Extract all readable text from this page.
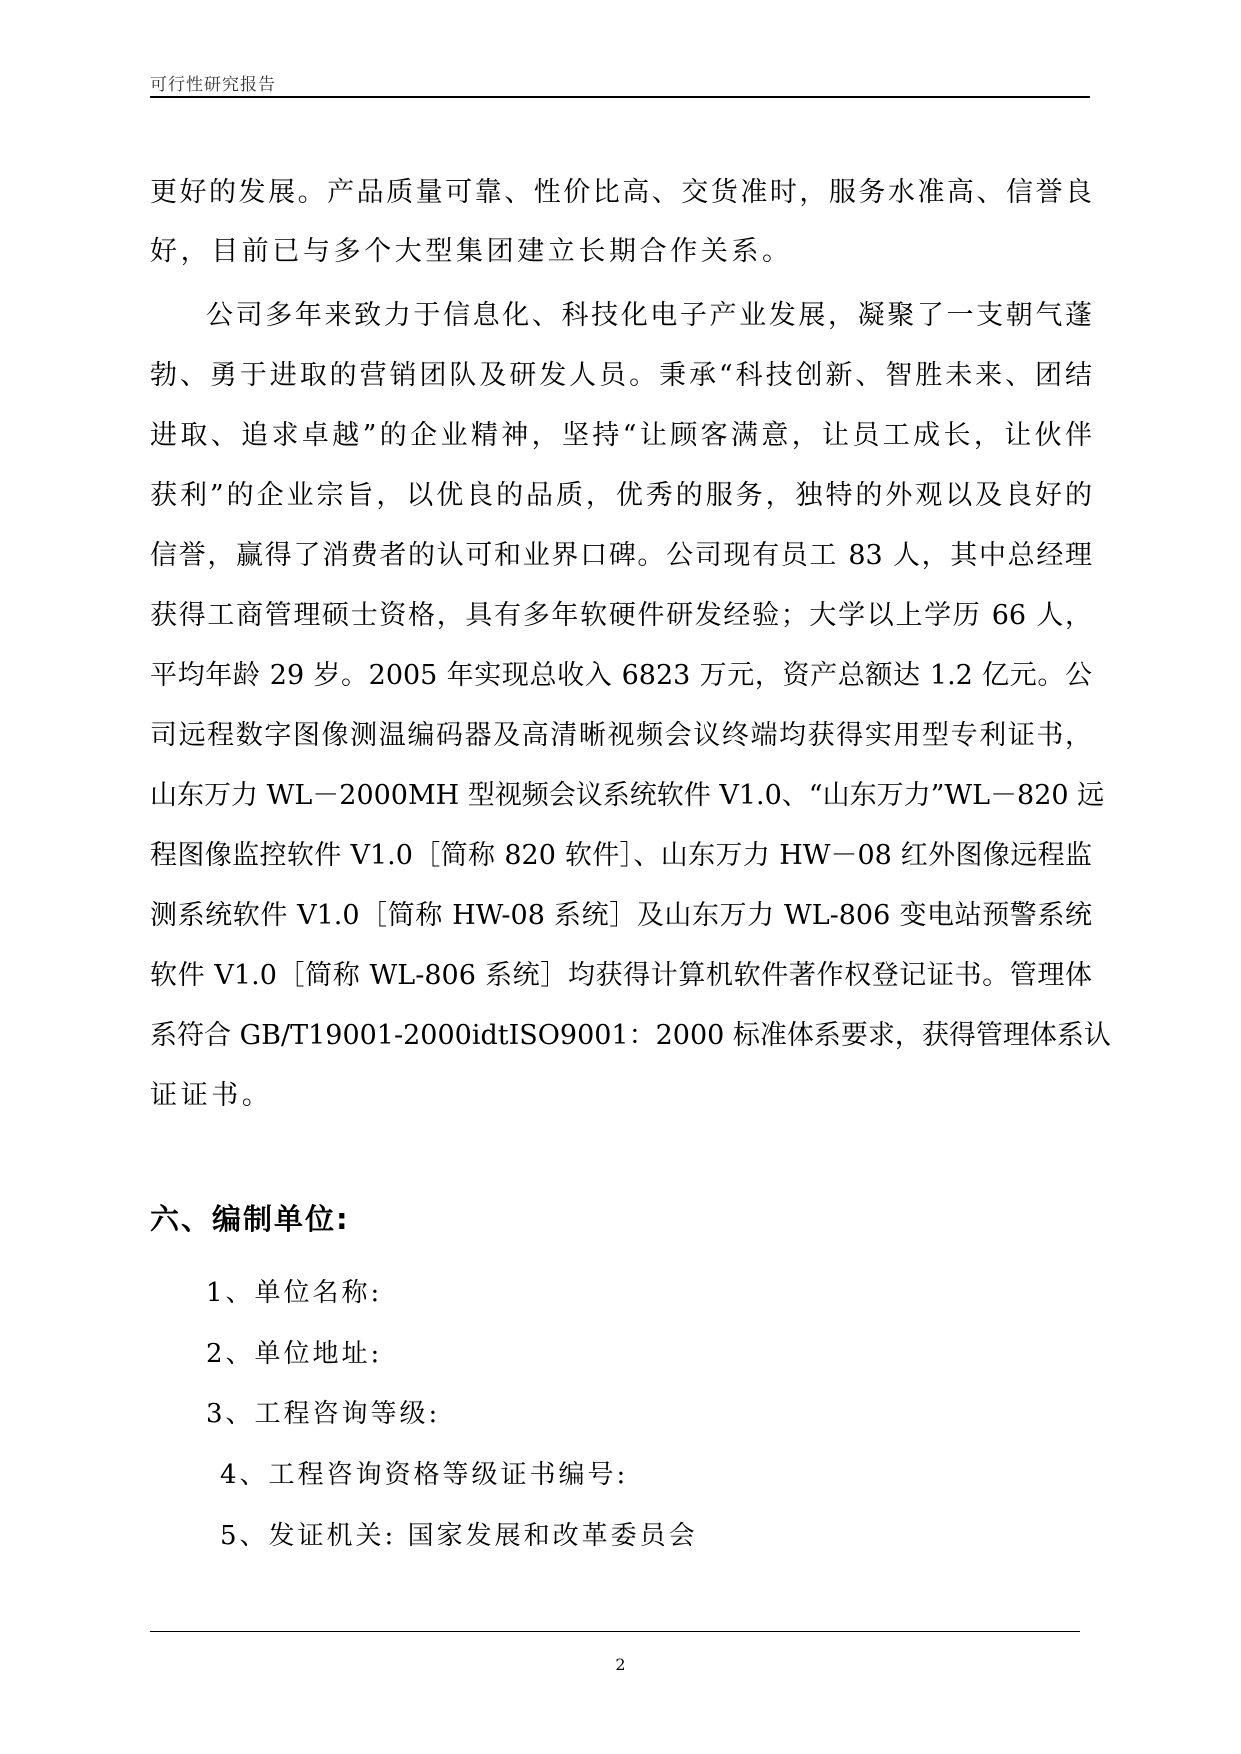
可行性研究报告
更好的发展。产品质量可靠、性价比高、交货准时，服务水准高、信誉良
好，目前已与多个大型集团建立长期合作关系。
公司多年来致力于信息化、科技化电子产业发展，凝聚了一支朝气蓬
勃、勇于进取的营销团队及研发人员。秉承“科技创新、智胜未来、团结
进取、追求卓越”的企业精神，坚持“让顾客满意，让员工成长，让伙伴
获利”的企业宗旨，以优良的品质，优秀的服务，独特的外观以及良好的
信誉，赢得了消费者的认可和业界口碑。公司现有员工 83 人，其中总经理
获得工商管理硕士资格，具有多年软硬件研发经验；大学以上学历 66 人，
平均年龄 29 岁。2005 年实现总收入 6823 万元，资产总额达 1.2 亿元。公
司远程数字图像测温编码器及高清晰视频会议终端均获得实用型专利证书，
山东万力 WL－2000MH 型视频会议系统软件 V1.0、“山东万力”WL－820 远
程图像监控软件 V1.0［简称 820 软件］、山东万力 HW－08 红外图像远程监
测系统软件 V1.0［简称 HW-08 系统］及山东万力 WL-806 变电站预警系统
软件 V1.0［简称 WL-806 系统］均获得计算机软件著作权登记证书。管理体
系符合 GB/T19001-2000idtISO9001：2000 标准体系要求，获得管理体系认
证证书。
六、编制单位:
1、单位名称:
2、单位地址:
3、工程咨询等级:
4、工程咨询资格等级证书编号:
5、发证机关: 国家发展和改革委员会
2
